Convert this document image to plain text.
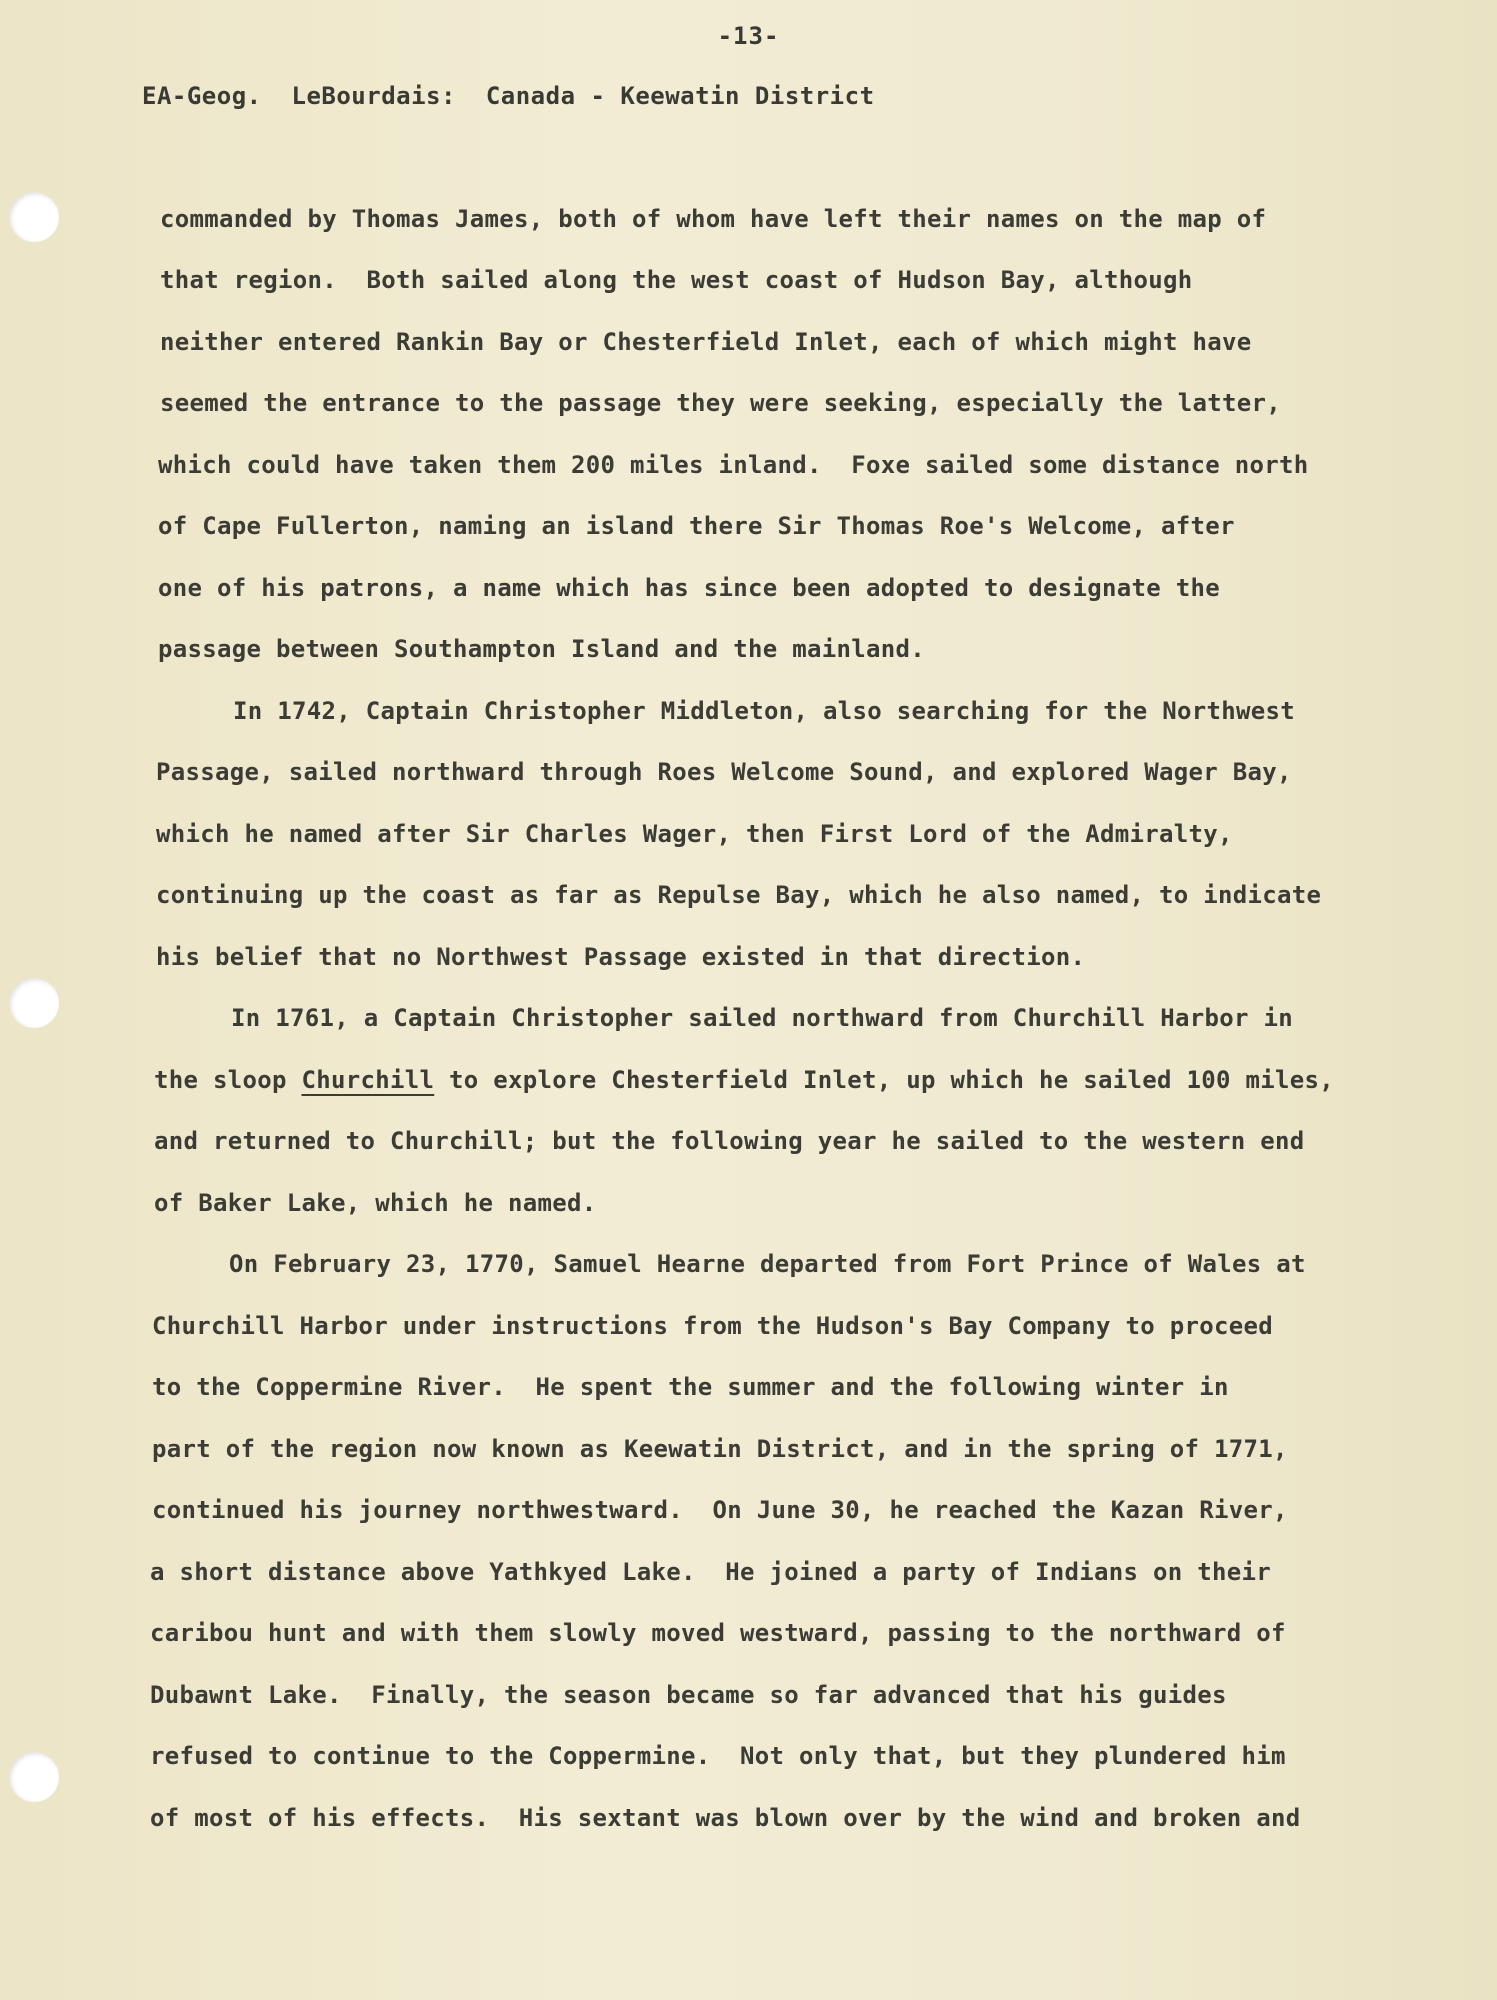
-13-
EA-Geog.  LeBourdais:  Canada - Keewatin District
commanded by Thomas James, both of whom have left their names on the map of
that region.  Both sailed along the west coast of Hudson Bay, although
neither entered Rankin Bay or Chesterfield Inlet, each of which might have
seemed the entrance to the passage they were seeking, especially the latter,
which could have taken them 200 miles inland.  Foxe sailed some distance north
of Cape Fullerton, naming an island there Sir Thomas Roe's Welcome, after
one of his patrons, a name which has since been adopted to designate the
passage between Southampton Island and the mainland.
In 1742, Captain Christopher Middleton, also searching for the Northwest
Passage, sailed northward through Roes Welcome Sound, and explored Wager Bay,
which he named after Sir Charles Wager, then First Lord of the Admiralty,
continuing up the coast as far as Repulse Bay, which he also named, to indicate
his belief that no Northwest Passage existed in that direction.
In 1761, a Captain Christopher sailed northward from Churchill Harbor in
the sloop Churchill to explore Chesterfield Inlet, up which he sailed 100 miles,
and returned to Churchill; but the following year he sailed to the western end
of Baker Lake, which he named.
On February 23, 1770, Samuel Hearne departed from Fort Prince of Wales at
Churchill Harbor under instructions from the Hudson's Bay Company to proceed
to the Coppermine River.  He spent the summer and the following winter in
part of the region now known as Keewatin District, and in the spring of 1771,
continued his journey northwestward.  On June 30, he reached the Kazan River,
a short distance above Yathkyed Lake.  He joined a party of Indians on their
caribou hunt and with them slowly moved westward, passing to the northward of
Dubawnt Lake.  Finally, the season became so far advanced that his guides
refused to continue to the Coppermine.  Not only that, but they plundered him
of most of his effects.  His sextant was blown over by the wind and broken and
